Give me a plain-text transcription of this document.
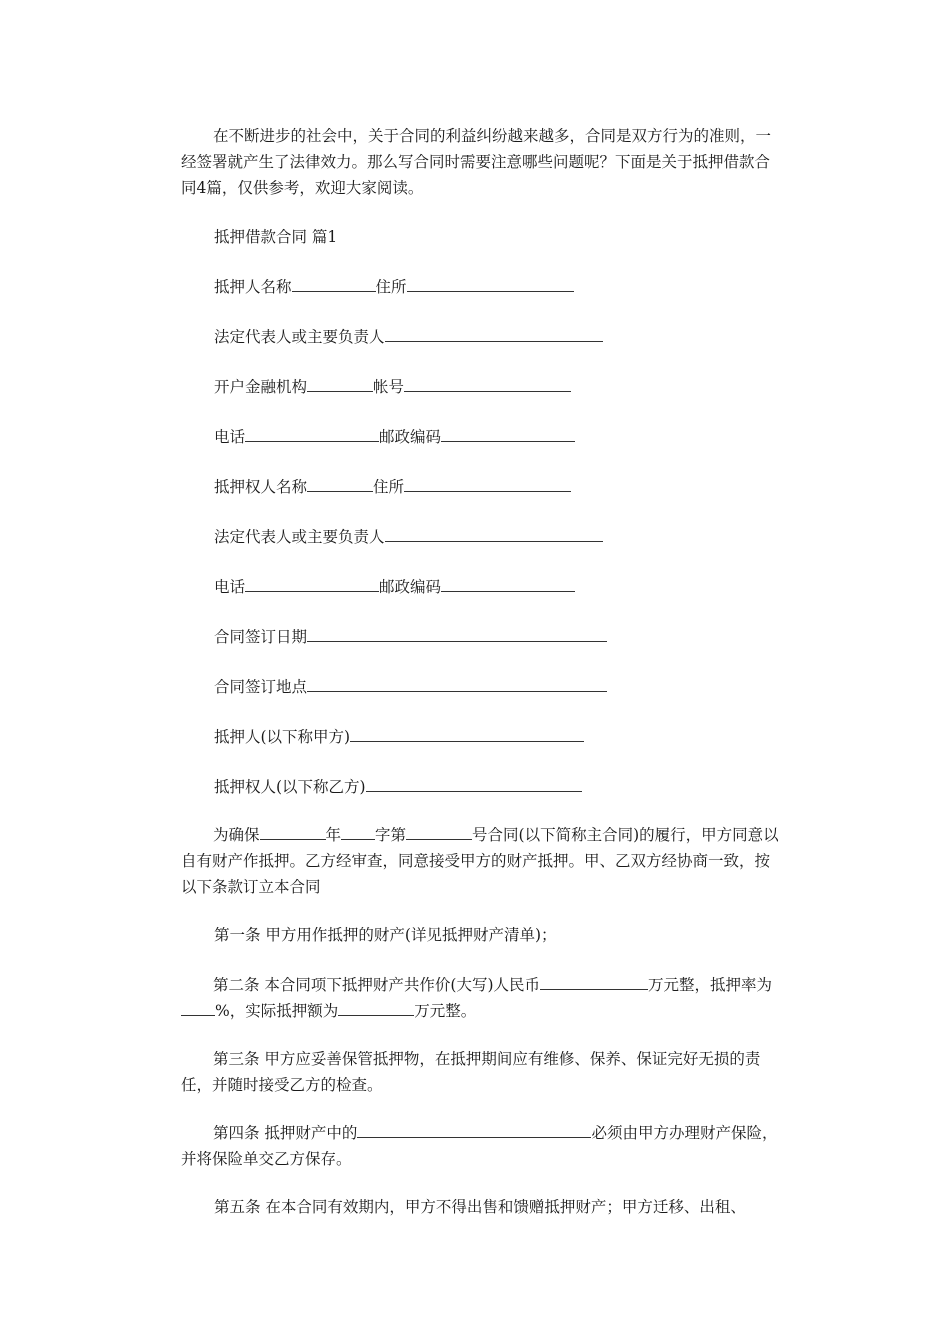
在不断进步的社会中，关于合同的利益纠纷越来越多，合同是双方行为的准则，一经签署就产生了法律效力。那么写合同时需要注意哪些问题呢？下面是关于抵押借款合同4篇，仅供参考，欢迎大家阅读。

抵押借款合同 篇1

抵押人名称	住所

法定代表人或主要负责人

开户金融机构	帐号

电话	邮政编码

抵押权人名称	住所

法定代表人或主要负责人

电话	邮政编码

合同签订日期

合同签订地点

抵押人(以下称甲方)

抵押权人(以下称乙方)

为确保	年 字第	号合同(以下简称主合同)的履行，甲方同意以自有财产作抵押。乙方经审查，同意接受甲方的财产抵押。甲、乙双方经协商一致，按以下条款订立本合同

第一条 甲方用作抵押的财产(详见抵押财产清单)；

第二条 本合同项下抵押财产共作价(大写)人民币	万元整，抵押率为%，实际抵押额为	万元整。

第三条 甲方应妥善保管抵押物，在抵押期间应有维修、保养、保证完好无损的责任，并随时接受乙方的检查。

第四条 抵押财产中的	必须由甲方办理财产保险，并将保险单交乙方保存。

第五条 在本合同有效期内，甲方不得出售和馈赠抵押财产；甲方迁移、出租、
